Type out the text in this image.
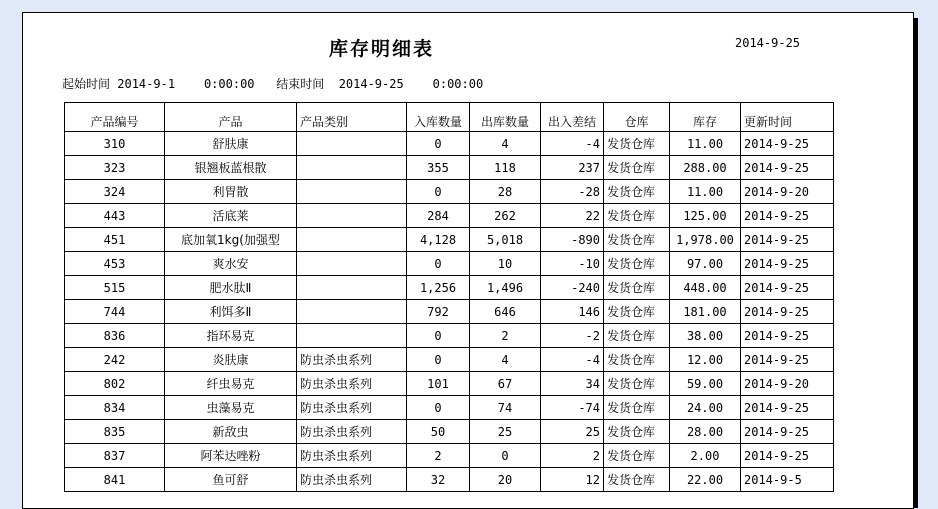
库存明细表	2014-9-25
起始时间 2014-9-1 0:00:00 结束时间 2014-9-25 0:00:00
产品编号	产品	产品类别	入库数量	出库数量	出入差结	仓库	库存	更新时间
310	舒肤康		0	4	-4	发货仓库	11.00	2014-9-25
323	银翘板蓝根散		355	118	237	发货仓库	288.00	2014-9-25
324	利胃散		0	28	-28	发货仓库	11.00	2014-9-20
443	活底莱		284	262	22	发货仓库	125.00	2014-9-25
451	底加氧1kg(加强型		4,128	5,018	-890	发货仓库	1,978.00	2014-9-25
453	爽水安		0	10	-10	发货仓库	97.00	2014-9-25
515	肥水肽Ⅱ		1,256	1,496	-240	发货仓库	448.00	2014-9-25
744	利饵多Ⅱ		792	646	146	发货仓库	181.00	2014-9-25
836	指环易克		0	2	-2	发货仓库	38.00	2014-9-25
242	炎肤康	防虫杀虫系列	0	4	-4	发货仓库	12.00	2014-9-25
802	纤虫易克	防虫杀虫系列	101	67	34	发货仓库	59.00	2014-9-20
834	虫藻易克	防虫杀虫系列	0	74	-74	发货仓库	24.00	2014-9-25
835	新敌虫	防虫杀虫系列	50	25	25	发货仓库	28.00	2014-9-25
837	阿苯达唑粉	防虫杀虫系列	2	0	2	发货仓库	2.00	2014-9-25
841	鱼可舒	防虫杀虫系列	32	20	12	发货仓库	22.00	2014-9-5
